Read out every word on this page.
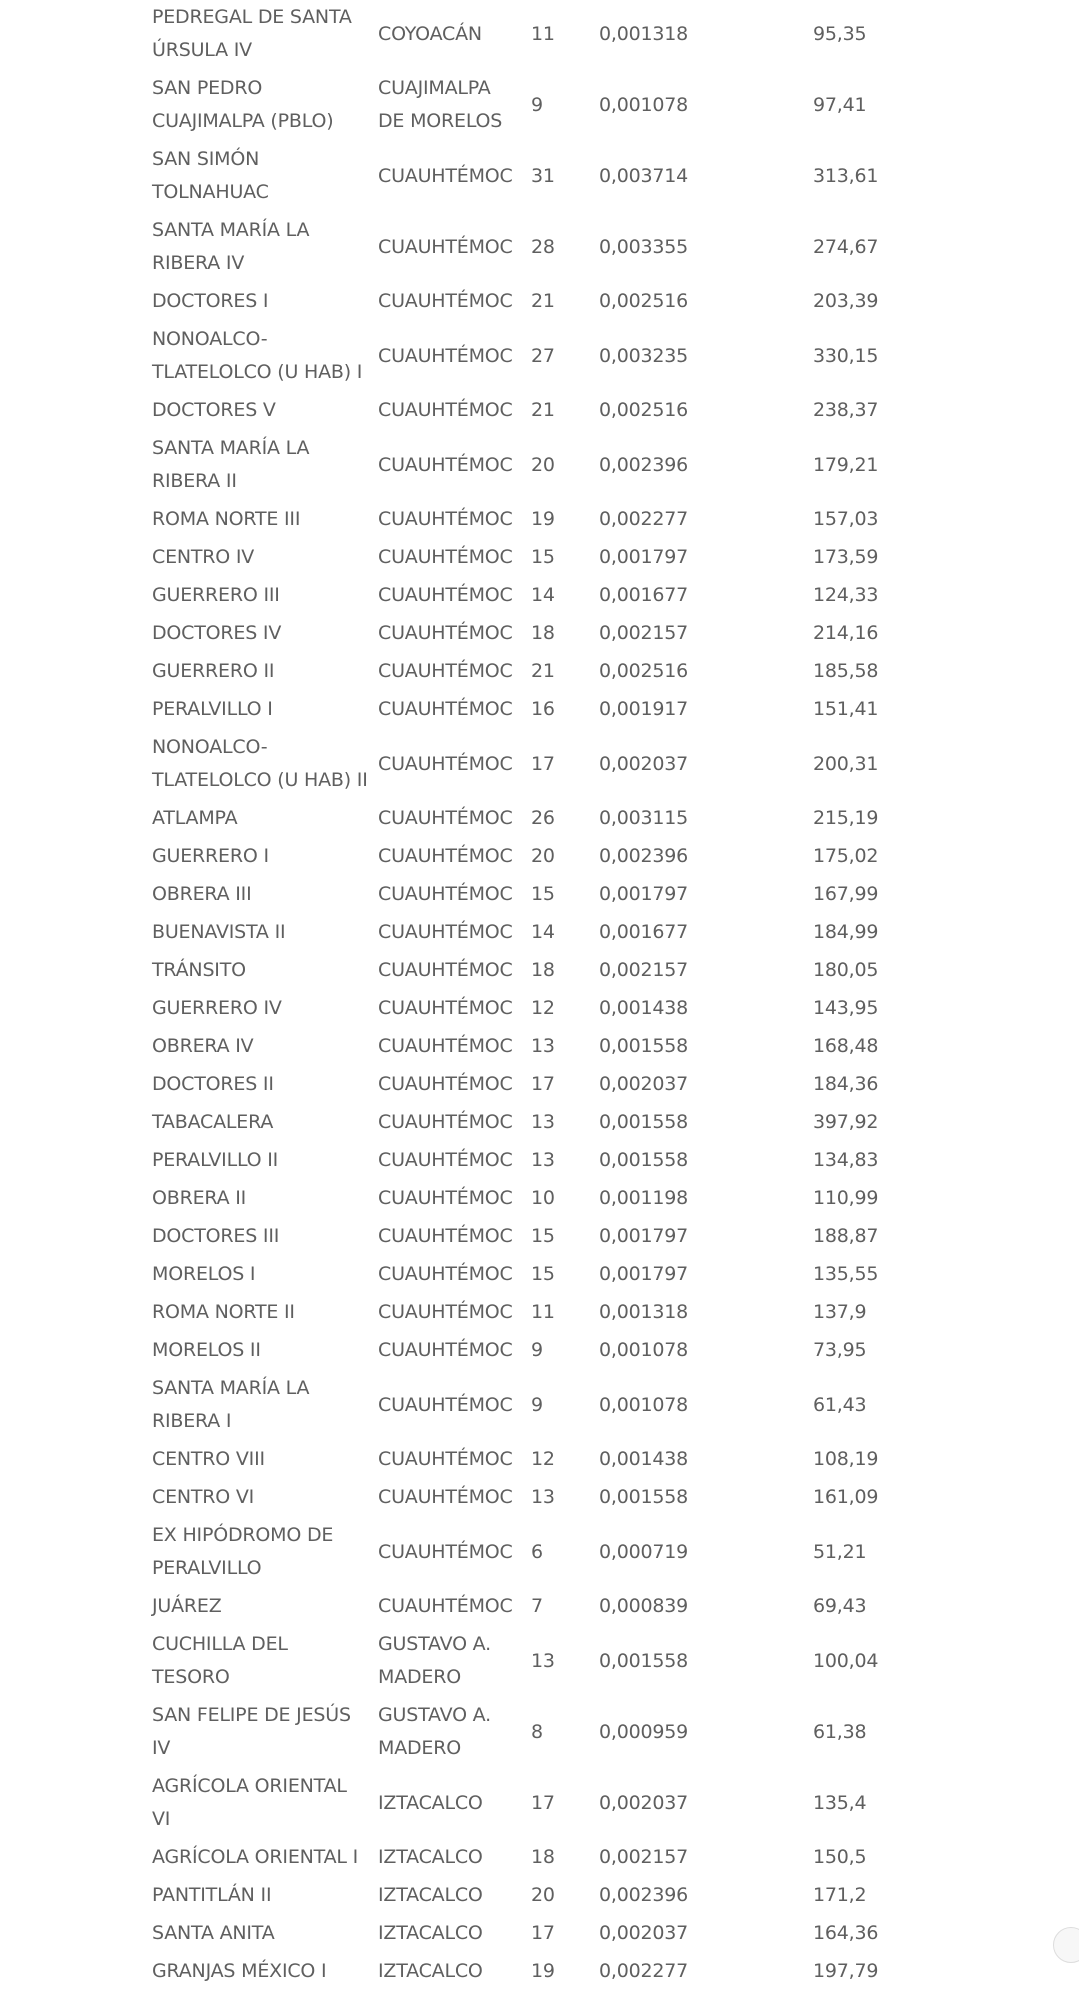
PEDREGAL DE SANTA ÚRSULA IV	COYOACÁN	11	0,001318	95,35
SAN PEDRO CUAJIMALPA (PBLO)	CUAJIMALPA DE MORELOS	9	0,001078	97,41
SAN SIMÓN TOLNAHUAC	CUAUHTÉMOC	31	0,003714	313,61
SANTA MARÍA LA RIBERA IV	CUAUHTÉMOC	28	0,003355	274,67
DOCTORES I	CUAUHTÉMOC	21	0,002516	203,39
NONOALCO-TLATELOLCO (U HAB) I	CUAUHTÉMOC	27	0,003235	330,15
DOCTORES V	CUAUHTÉMOC	21	0,002516	238,37
SANTA MARÍA LA RIBERA II	CUAUHTÉMOC	20	0,002396	179,21
ROMA NORTE III	CUAUHTÉMOC	19	0,002277	157,03
CENTRO IV	CUAUHTÉMOC	15	0,001797	173,59
GUERRERO III	CUAUHTÉMOC	14	0,001677	124,33
DOCTORES IV	CUAUHTÉMOC	18	0,002157	214,16
GUERRERO II	CUAUHTÉMOC	21	0,002516	185,58
PERALVILLO I	CUAUHTÉMOC	16	0,001917	151,41
NONOALCO-TLATELOLCO (U HAB) II	CUAUHTÉMOC	17	0,002037	200,31
ATLAMPA	CUAUHTÉMOC	26	0,003115	215,19
GUERRERO I	CUAUHTÉMOC	20	0,002396	175,02
OBRERA III	CUAUHTÉMOC	15	0,001797	167,99
BUENAVISTA II	CUAUHTÉMOC	14	0,001677	184,99
TRÁNSITO	CUAUHTÉMOC	18	0,002157	180,05
GUERRERO IV	CUAUHTÉMOC	12	0,001438	143,95
OBRERA IV	CUAUHTÉMOC	13	0,001558	168,48
DOCTORES II	CUAUHTÉMOC	17	0,002037	184,36
TABACALERA	CUAUHTÉMOC	13	0,001558	397,92
PERALVILLO II	CUAUHTÉMOC	13	0,001558	134,83
OBRERA II	CUAUHTÉMOC	10	0,001198	110,99
DOCTORES III	CUAUHTÉMOC	15	0,001797	188,87
MORELOS I	CUAUHTÉMOC	15	0,001797	135,55
ROMA NORTE II	CUAUHTÉMOC	11	0,001318	137,9
MORELOS II	CUAUHTÉMOC	9	0,001078	73,95
SANTA MARÍA LA RIBERA I	CUAUHTÉMOC	9	0,001078	61,43
CENTRO VIII	CUAUHTÉMOC	12	0,001438	108,19
CENTRO VI	CUAUHTÉMOC	13	0,001558	161,09
EX HIPÓDROMO DE PERALVILLO	CUAUHTÉMOC	6	0,000719	51,21
JUÁREZ	CUAUHTÉMOC	7	0,000839	69,43
CUCHILLA DEL TESORO	GUSTAVO A. MADERO	13	0,001558	100,04
SAN FELIPE DE JESÚS IV	GUSTAVO A. MADERO	8	0,000959	61,38
AGRÍCOLA ORIENTAL VI	IZTACALCO	17	0,002037	135,4
AGRÍCOLA ORIENTAL I	IZTACALCO	18	0,002157	150,5
PANTITLÁN II	IZTACALCO	20	0,002396	171,2
SANTA ANITA	IZTACALCO	17	0,002037	164,36
GRANJAS MÉXICO I	IZTACALCO	19	0,002277	197,79
